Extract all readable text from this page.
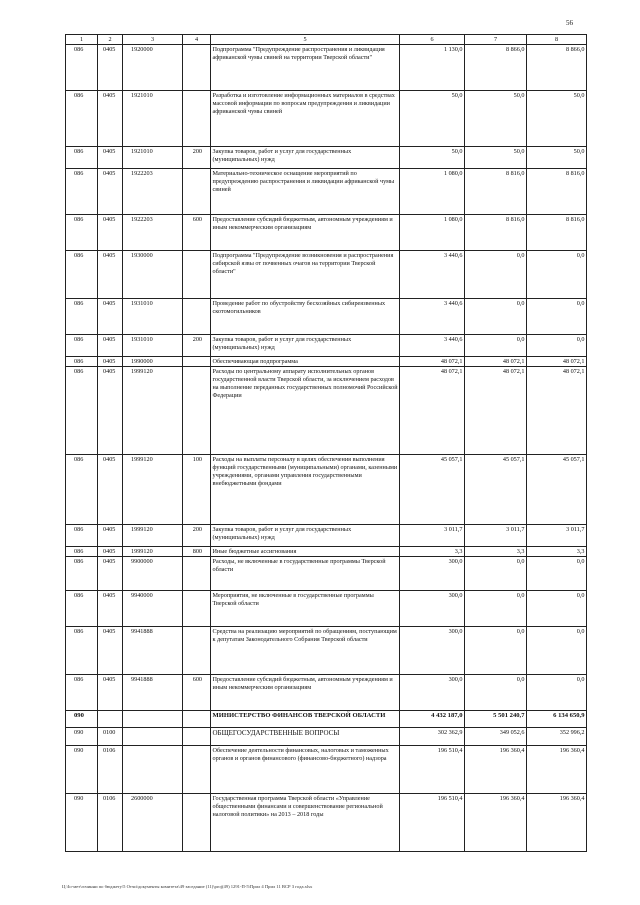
56
1	2	3	4	5	6	7	8
086	0405	1920000		Подпрограмма "Предупреждение распространения и ликвидация африканской чумы свиней на территории Тверской области"	1 130,0	8 866,0	8 866,0
086	0405	1921010		Разработка и изготовление информационных материалов в средствах массовой информации по вопросам предупреждения и ликвидации африканской чумы свиней	50,0	50,0	50,0
086	0405	1921010	200	Закупка товаров, работ и услуг для государственных (муниципальных) нужд	50,0	50,0	50,0
086	0405	1922203		Материально-техническое оснащение мероприятий по предупреждению распространения и ликвидации африканской чумы свиней	1 080,0	8 816,0	8 816,0
086	0405	1922203	600	Предоставление субсидий бюджетным, автономным учреждениям и иным некоммерческим организациям	1 080,0	8 816,0	8 816,0
086	0405	1930000		Подпрограмма "Предупреждение возникновения и распространения сибирской язвы от почвенных очагов на территории Тверской области"	3 440,6	0,0	0,0
086	0405	1931010		Проведение работ по обустройству бесхозяйных сибиреязвенных скотомогильников	3 440,6	0,0	0,0
086	0405	1931010	200	Закупка товаров, работ и услуг для государственных (муниципальных) нужд	3 440,6	0,0	0,0
086	0405	1990000		Обеспечивающая подпрограмма	48 072,1	48 072,1	48 072,1
086	0405	1999120		Расходы по центральному аппарату исполнительных органов государственной власти Тверской области, за исключением расходов на выполнение переданных государственных полномочий Российской Федерации	48 072,1	48 072,1	48 072,1
086	0405	1999120	100	Расходы на выплаты персоналу в целях обеспечения выполнения функций государственными (муниципальными) органами, казенными учреждениями, органами управления государственными внебюджетными фондами	45 057,1	45 057,1	45 057,1
086	0405	1999120	200	Закупка товаров, работ и услуг для государственных (муниципальных) нужд	3 011,7	3 011,7	3 011,7
086	0405	1999120	800	Иные бюджетные ассигнования	3,3	3,3	3,3
086	0405	9900000		Расходы, не включенные в государственные программы Тверской области	300,0	0,0	0,0
086	0405	9940000		Мероприятия, не включенные в государственные программы Тверской области	300,0	0,0	0,0
086	0405	9941888		Средства на реализацию мероприятий по обращениям, поступающим к депутатам Законодательного Собрания Тверской области	300,0	0,0	0,0
086	0405	9941888	600	Предоставление субсидий бюджетным, автономным учреждениям и иным некоммерческим организациям	300,0	0,0	0,0
090				МИНИСТЕРСТВО ФИНАНСОВ ТВЕРСКОЙ ОБЛАСТИ	4 432 187,0	5 501 240,7	6 134 650,9
090	0100			ОБЩЕГОСУДАРСТВЕННЫЕ ВОПРОСЫ	302 362,9	349 052,6	352 996,2
090	0106			Обеспечение деятельности финансовых, налоговых и таможенных органов и органов финансового (финансово-бюджетного) надзора	196 510,4	196 360,4	196 360,4
090	0106	2600000		Государственная программа Тверской области «Управление общественными финансами и совершенствование региональной налоговой политики» на 2013 – 2018 годы	196 510,4	196 360,4	196 360,4
Ц:\Іо-мет\гочинни по бюджету\5 Отчи\документы комитета\49 заседание (11)\proj(49) 1291-П-5\Прил 4 Прил 11 ВСР 3 года.xlsx
